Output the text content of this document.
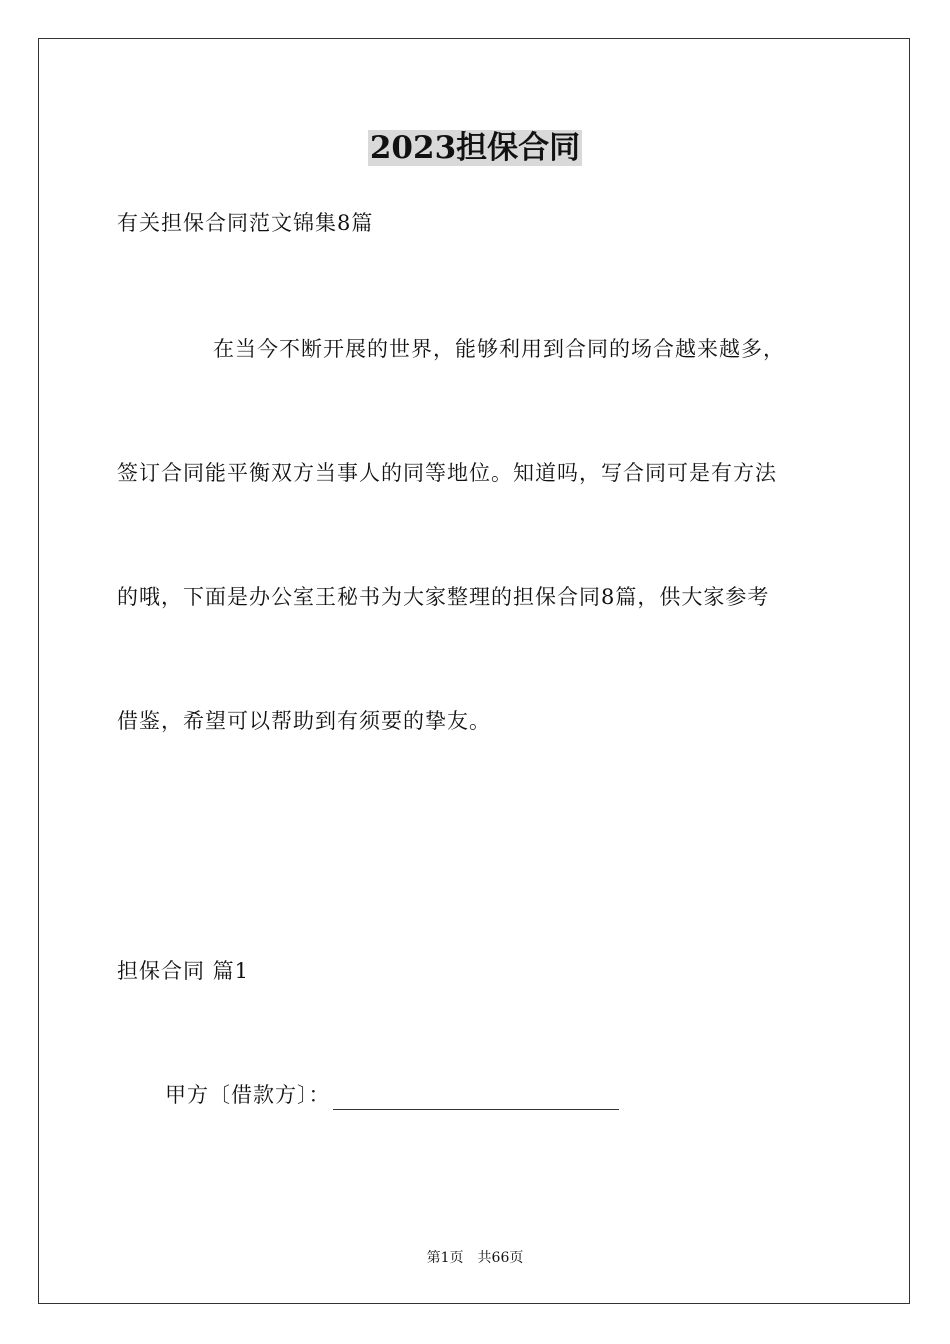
2023担保合同
有关担保合同范文锦集8篇
在当今不断开展的世界，能够利用到合同的场合越来越多，
签订合同能平衡双方当事人的同等地位。知道吗，写合同可是有方法
的哦，下面是办公室王秘书为大家整理的担保合同8篇，供大家参考
借鉴，希望可以帮助到有须要的挚友。
担保合同 篇1
甲方〔借款方〕：
第1页 共66页
